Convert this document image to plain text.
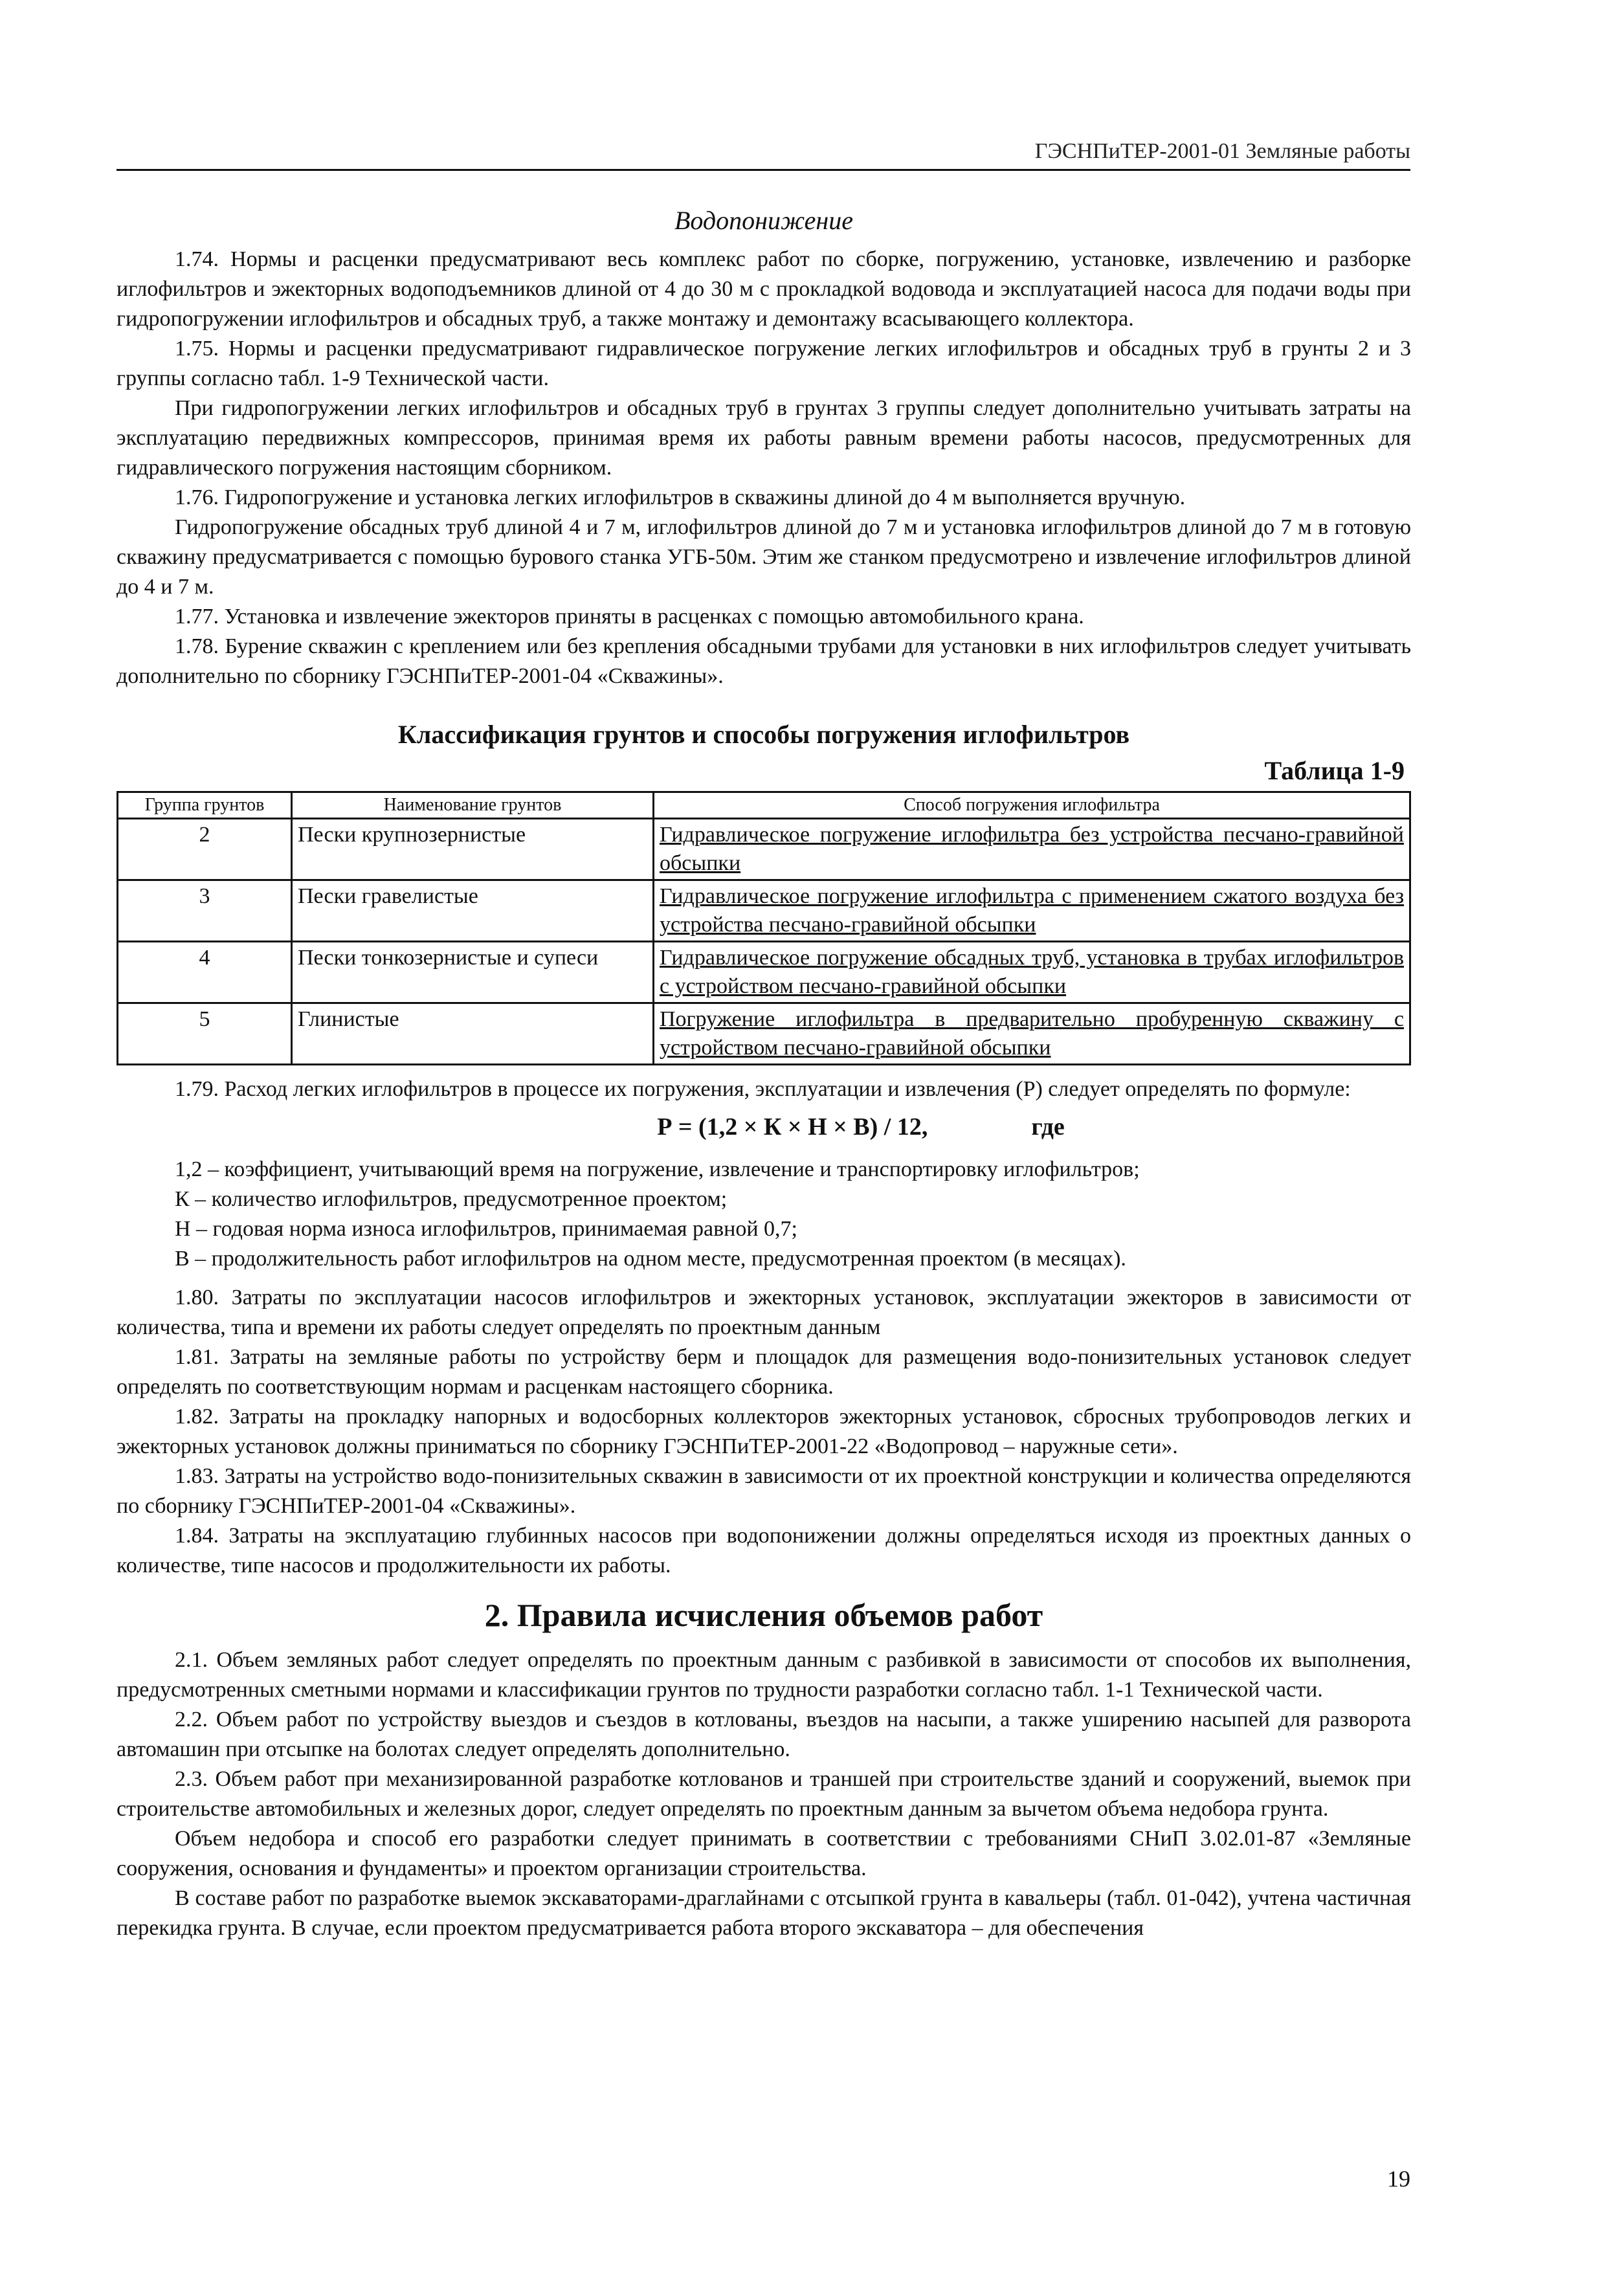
ГЭСНПиТЕР-2001-01 Земляные работы
Водопонижение

1.74. Нормы и расценки предусматривают весь комплекс работ по сборке, погружению, установке, извлечению и разборке иглофильтров и эжекторных водоподъемников длиной от 4 до 30 м с прокладкой водовода и эксплуатацией насоса для подачи воды при гидропогружении иглофильтров и обсадных труб, а также монтажу и демонтажу всасывающего коллектора.

1.75. Нормы и расценки предусматривают гидравлическое погружение легких иглофильтров и обсадных труб в грунты 2 и 3 группы согласно табл. 1-9 Технической части.

При гидропогружении легких иглофильтров и обсадных труб в грунтах 3 группы следует дополнительно учитывать затраты на эксплуатацию передвижных компрессоров, принимая время их работы равным времени работы насосов, предусмотренных для гидравлического погружения настоящим сборником.

1.76. Гидропогружение и установка легких иглофильтров в скважины длиной до 4 м выполняется вручную.

Гидропогружение обсадных труб длиной 4 и 7 м, иглофильтров длиной до 7 м и установка иглофильтров длиной до 7 м в готовую скважину предусматривается с помощью бурового станка УГБ-50м. Этим же станком предусмотрено и извлечение иглофильтров длиной до 4 и 7 м.

1.77. Установка и извлечение эжекторов приняты в расценках с помощью автомобильного крана.

1.78. Бурение скважин с креплением или без крепления обсадными трубами для установки в них иглофильтров следует учитывать дополнительно по сборнику ГЭСНПиТЕР-2001-04 «Скважины».

Классификация грунтов и способы погружения иглофильтров
Таблица 1-9
Группа грунтов	Наименование грунтов	Способ погружения иглофильтра
2	Пески крупнозернистые	Гидравлическое погружение иглофильтра без устройства песчано-гравийной обсыпки
3	Пески гравелистые	Гидравлическое погружение иглофильтра с применением сжатого воздуха без устройства песчано-гравийной обсыпки
4	Пески тонкозернистые и супеси	Гидравлическое погружение обсадных труб, установка в трубах иглофильтров с устройством песчано-гравийной обсыпки
5	Глинистые	Погружение иглофильтра в предварительно пробуренную скважину с устройством песчано-гравийной обсыпки

1.79. Расход легких иглофильтров в процессе их погружения, эксплуатации и извлечения (Р) следует определять по формуле:

Р = (1,2 × К × Н × В) / 12,	где

1,2 – коэффициент, учитывающий время на погружение, извлечение и транспортировку иглофильтров;

К – количество иглофильтров, предусмотренное проектом;

Н – годовая норма износа иглофильтров, принимаемая равной 0,7;

В – продолжительность работ иглофильтров на одном месте, предусмотренная проектом (в месяцах).

1.80. Затраты по эксплуатации насосов иглофильтров и эжекторных установок, эксплуатации эжекторов в зависимости от количества, типа и времени их работы следует определять по проектным данным

1.81. Затраты на земляные работы по устройству берм и площадок для размещения водо-понизительных установок следует определять по соответствующим нормам и расценкам настоящего сборника.

1.82. Затраты на прокладку напорных и водосборных коллекторов эжекторных установок, сбросных трубопроводов легких и эжекторных установок должны приниматься по сборнику ГЭСНПиТЕР-2001-22 «Водопровод – наружные сети».

1.83. Затраты на устройство водо-понизительных скважин в зависимости от их проектной конструкции и количества определяются по сборнику ГЭСНПиТЕР-2001-04 «Скважины».

1.84. Затраты на эксплуатацию глубинных насосов при водопонижении должны определяться исходя из проектных данных о количестве, типе насосов и продолжительности их работы.

2. Правила исчисления объемов работ

2.1. Объем земляных работ следует определять по проектным данным с разбивкой в зависимости от способов их выполнения, предусмотренных сметными нормами и классификации грунтов по трудности разработки согласно табл. 1-1 Технической части.

2.2. Объем работ по устройству выездов и съездов в котлованы, въездов на насыпи, а также уширению насыпей для разворота автомашин при отсыпке на болотах следует определять дополнительно.

2.3. Объем работ при механизированной разработке котлованов и траншей при строительстве зданий и сооружений, выемок при строительстве автомобильных и железных дорог, следует определять по проектным данным за вычетом объема недобора грунта.

Объем недобора и способ его разработки следует принимать в соответствии с требованиями СНиП 3.02.01-87 «Земляные сооружения, основания и фундаменты» и проектом организации строительства.

В составе работ по разработке выемок экскаваторами-драглайнами с отсыпкой грунта в кавальеры (табл. 01-042), учтена частичная перекидка грунта. В случае, если проектом предусматривается работа второго экскаватора – для обеспечения

19
